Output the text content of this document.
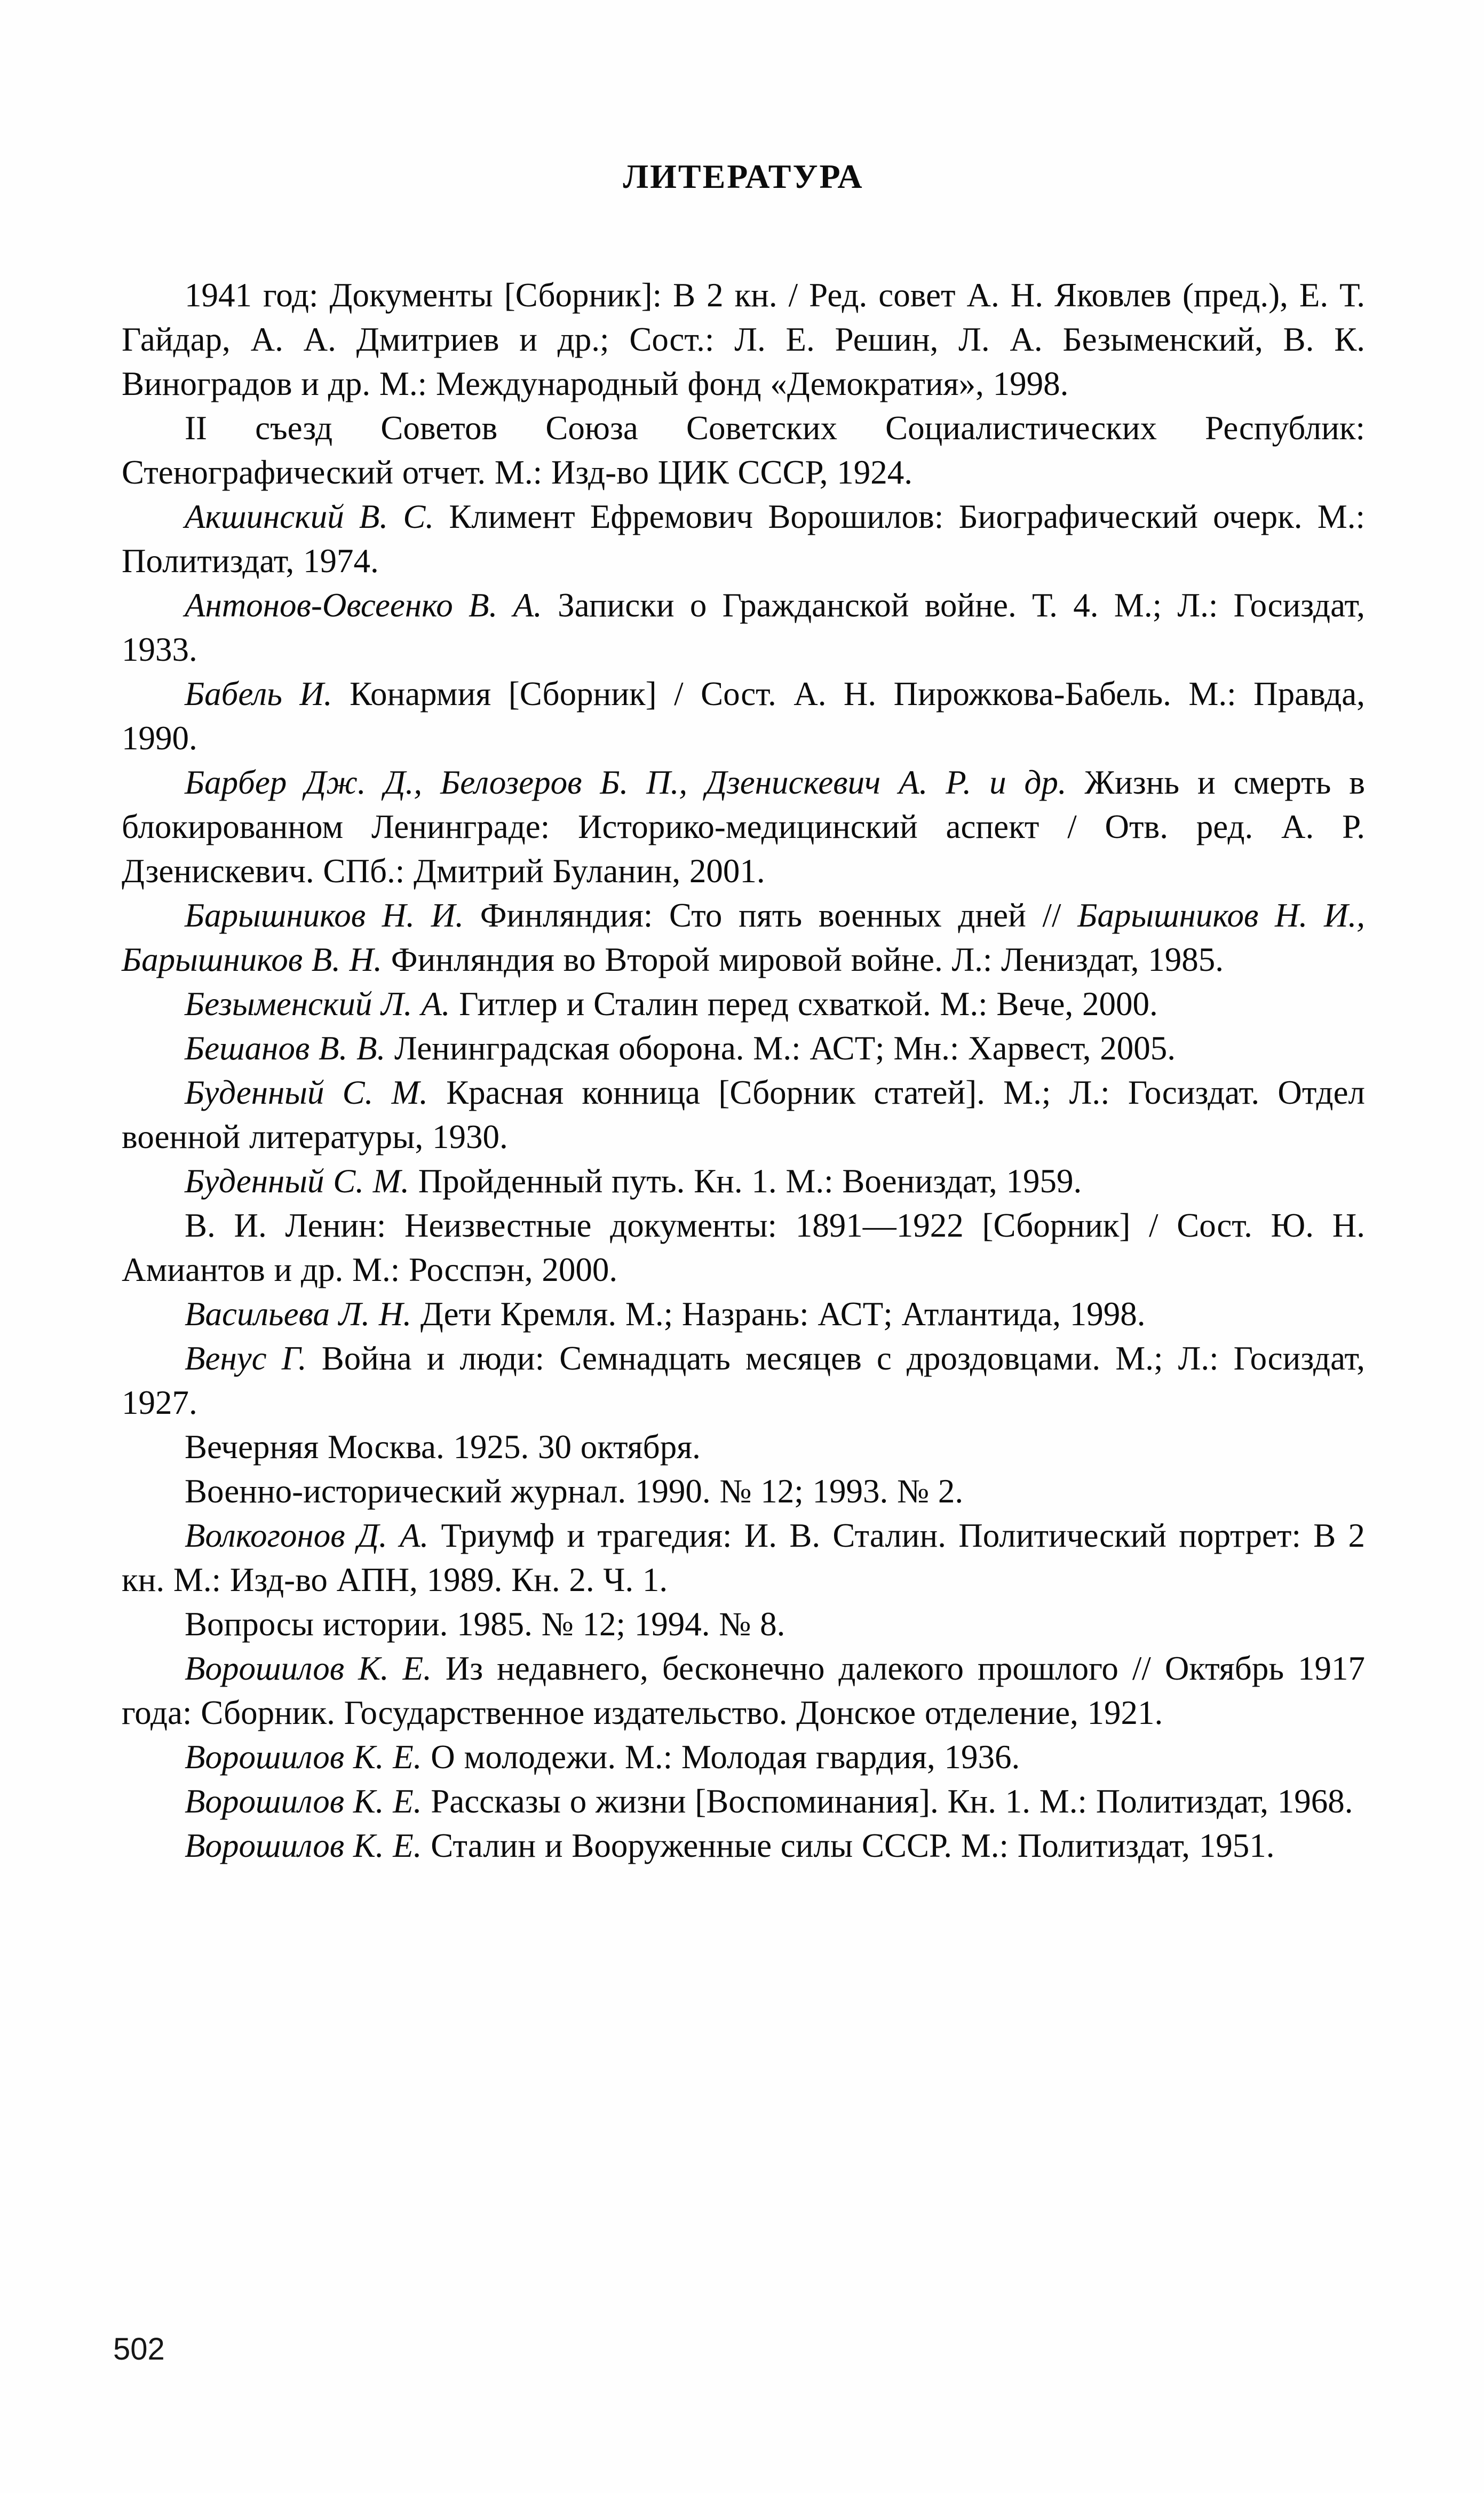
ЛИТЕРАТУРА

1941 год: Документы [Сборник]: В 2 кн. / Ред. совет А. Н. Яковлев (пред.), Е. Т. Гайдар, А. А. Дмитриев и др.; Сост.: Л. Е. Решин, Л. А. Безыменский, В. К. Виноградов и др. М.: Международный фонд «Демократия», 1998.

II съезд Советов Союза Советских Социалистических Республик: Стенографический отчет. М.: Изд-во ЦИК СССР, 1924.

Акшинский В. С. Климент Ефремович Ворошилов: Биографический очерк. М.: Политиздат, 1974.

Антонов-Овсеенко В. А. Записки о Гражданской войне. Т. 4. М.; Л.: Госиздат, 1933.

Бабель И. Конармия [Сборник] / Сост. А. Н. Пирожкова-Бабель. М.: Правда, 1990.

Барбер Дж. Д., Белозеров Б. П., Дзенискевич А. Р. и др. Жизнь и смерть в блокированном Ленинграде: Историко-медицинский аспект / Отв. ред. А. Р. Дзенискевич. СПб.: Дмитрий Буланин, 2001.

Барышников Н. И. Финляндия: Сто пять военных дней // Барышников Н. И., Барышников В. Н. Финляндия во Второй мировой войне. Л.: Лениздат, 1985.

Безыменский Л. А. Гитлер и Сталин перед схваткой. М.: Вече, 2000.

Бешанов В. В. Ленинградская оборона. М.: АСТ; Мн.: Харвест, 2005.

Буденный С. М. Красная конница [Сборник статей]. М.; Л.: Госиздат. Отдел военной литературы, 1930.

Буденный С. М. Пройденный путь. Кн. 1. М.: Воениздат, 1959.

В. И. Ленин: Неизвестные документы: 1891—1922 [Сборник] / Сост. Ю. Н. Амиантов и др. М.: Росспэн, 2000.

Васильева Л. Н. Дети Кремля. М.; Назрань: АСТ; Атлантида, 1998.

Венус Г. Война и люди: Семнадцать месяцев с дроздовцами. М.; Л.: Госиздат, 1927.

Вечерняя Москва. 1925. 30 октября.

Военно-исторический журнал. 1990. № 12; 1993. № 2.

Волкогонов Д. А. Триумф и трагедия: И. В. Сталин. Политический портрет: В 2 кн. М.: Изд-во АПН, 1989. Кн. 2. Ч. 1.

Вопросы истории. 1985. № 12; 1994. № 8.

Ворошилов К. Е. Из недавнего, бесконечно далекого прошлого // Октябрь 1917 года: Сборник. Государственное издательство. Донское отделение, 1921.

Ворошилов К. Е. О молодежи. М.: Молодая гвардия, 1936.

Ворошилов К. Е. Рассказы о жизни [Воспоминания]. Кн. 1. М.: Политиздат, 1968.

Ворошилов К. Е. Сталин и Вооруженные силы СССР. М.: Политиздат, 1951.

502
